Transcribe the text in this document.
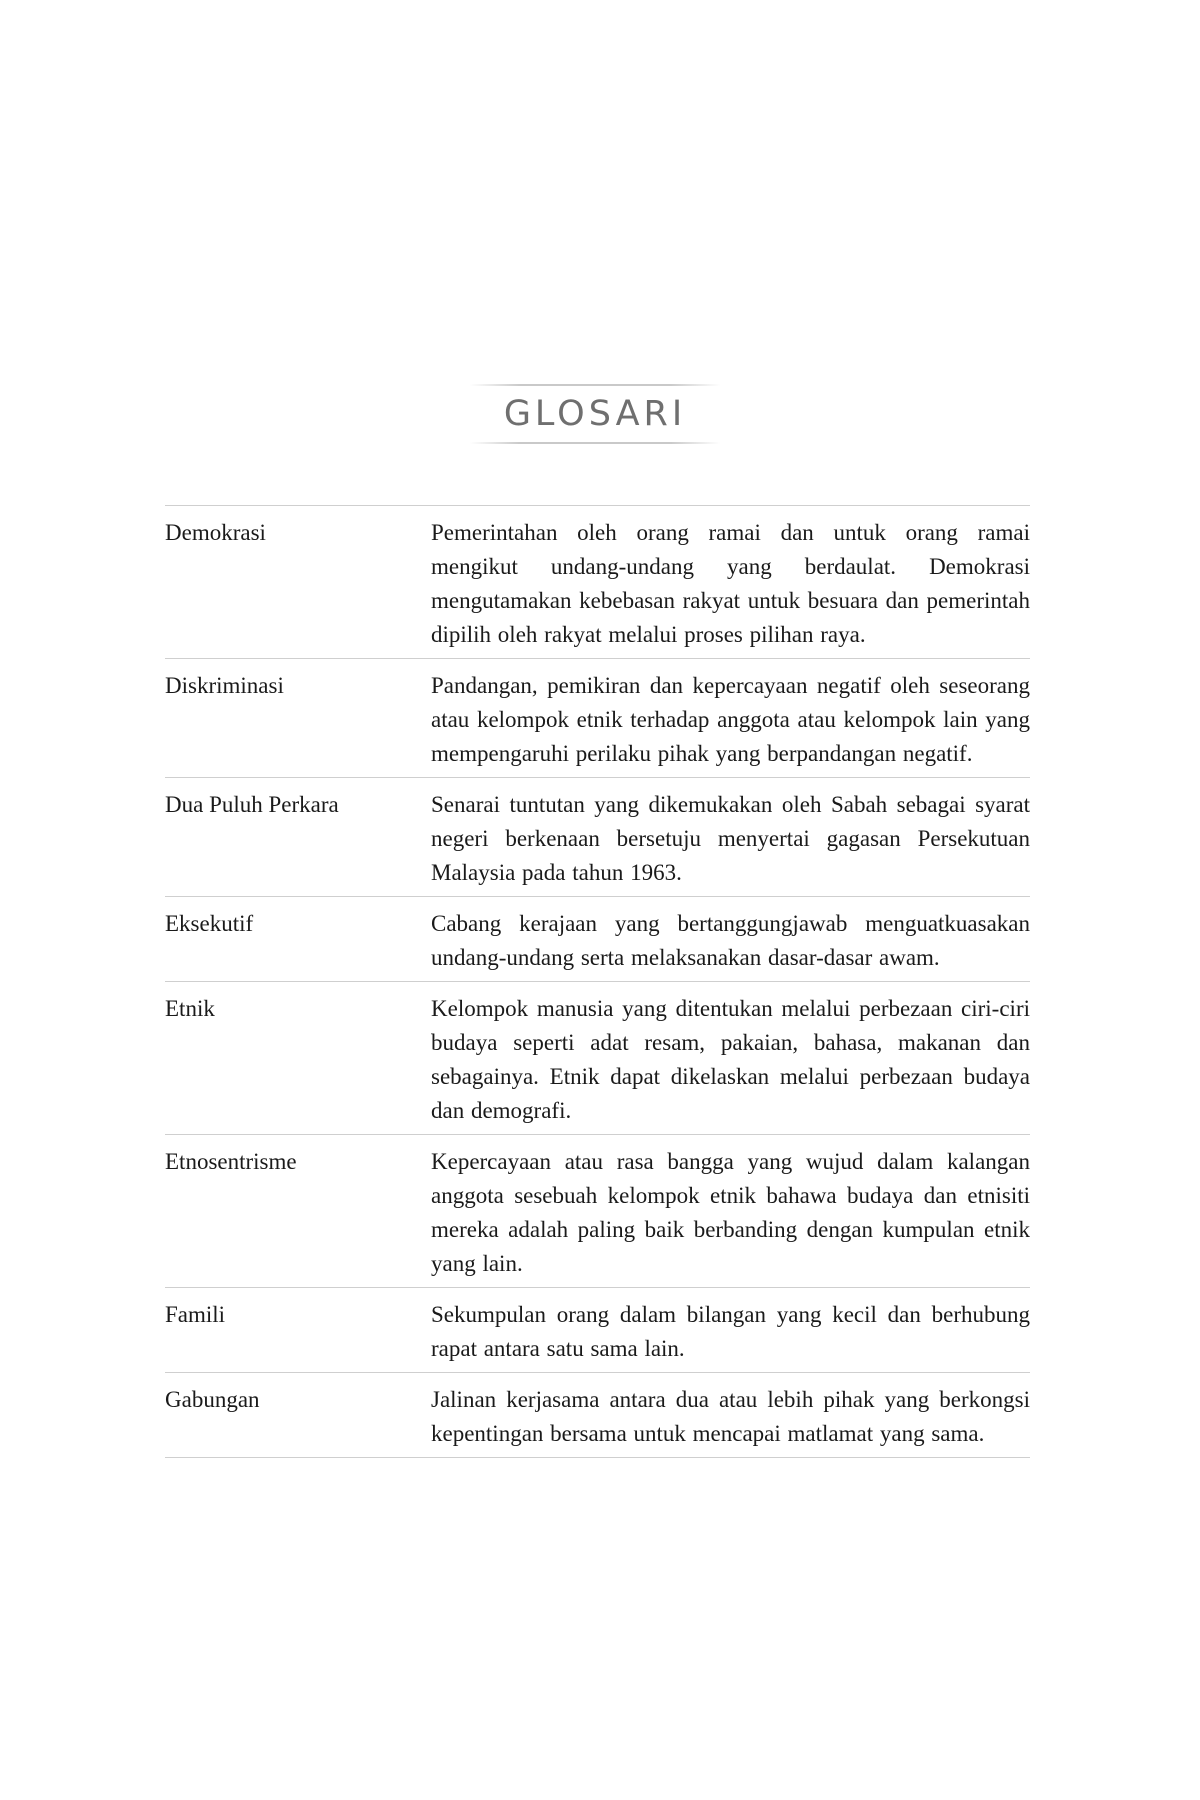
GLOSARI
Demokrasi	Pemerintahan oleh orang ramai dan untuk orang ramai mengikut undang-undang yang berdaulat. Demokrasi mengutamakan kebebasan rakyat untuk besuara dan pemerintah dipilih oleh rakyat melalui proses pilihan raya.
Diskriminasi	Pandangan, pemikiran dan kepercayaan negatif oleh seseorang atau kelompok etnik terhadap anggota atau kelompok lain yang mempengaruhi perilaku pihak yang berpandangan negatif.
Dua Puluh Perkara	Senarai tuntutan yang dikemukakan oleh Sabah sebagai syarat negeri berkenaan bersetuju menyertai gagasan Persekutuan Malaysia pada tahun 1963.
Eksekutif	Cabang kerajaan yang bertanggungjawab menguatkuasakan undang-undang serta melaksanakan dasar-dasar awam.
Etnik	Kelompok manusia yang ditentukan melalui perbezaan ciri-ciri budaya seperti adat resam, pakaian, bahasa, makanan dan sebagainya. Etnik dapat dikelaskan melalui perbezaan budaya dan demografi.
Etnosentrisme	Kepercayaan atau rasa bangga yang wujud dalam kalangan anggota sesebuah kelompok etnik bahawa budaya dan etnisiti mereka adalah paling baik berbanding dengan kumpulan etnik yang lain.
Famili	Sekumpulan orang dalam bilangan yang kecil dan berhubung rapat antara satu sama lain.
Gabungan	Jalinan kerjasama antara dua atau lebih pihak yang berkongsi kepentingan bersama untuk mencapai matlamat yang sama.
